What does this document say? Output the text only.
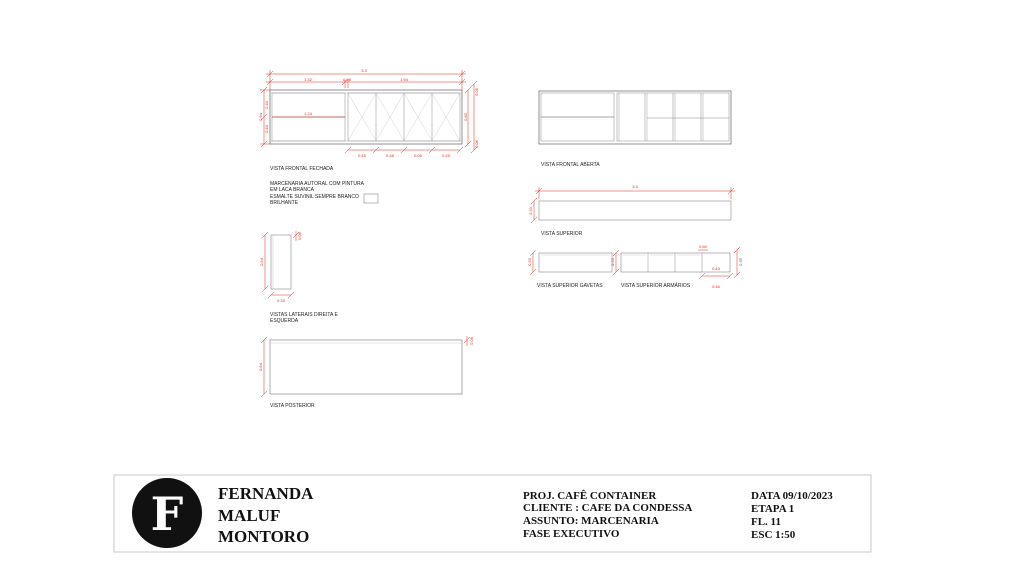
3.3
1.32	0.06	1.94
1.24
0.40
0.40
0.94	0.80
0.06
0.06
0.45	0.48	0.06	0.45
VISTA FRONTAL FECHADA
MARCENARIA AUTORAL COM PINTURA
EM LACA BRANCA
ESMALTE SUVINIL SEMPRE BRANCO
BRILHANTE
VISTA FRONTAL ABERTA
3.3
0.33
VISTA SUPERIOR
0.33
VISTA SUPERIOR GAVETAS
0.33
0.60
0.43
0.46
0.35
VISTA SUPERIOR ARMÁRIOS
0.94
0.33
0.06
VISTAS LATERAIS DIREITA E
ESQUERDA
0.94
0.06
VISTA POSTERIOR
F FERNANDA
MALUF
MONTORO
PROJ. CAFÊ CONTAINER
CLIENTE : CAFE DA CONDESSA
ASSUNTO: MARCENARIA
FASE EXECUTIVO
DATA 09/10/2023
ETAPA 1
FL. 11
ESC 1:50
